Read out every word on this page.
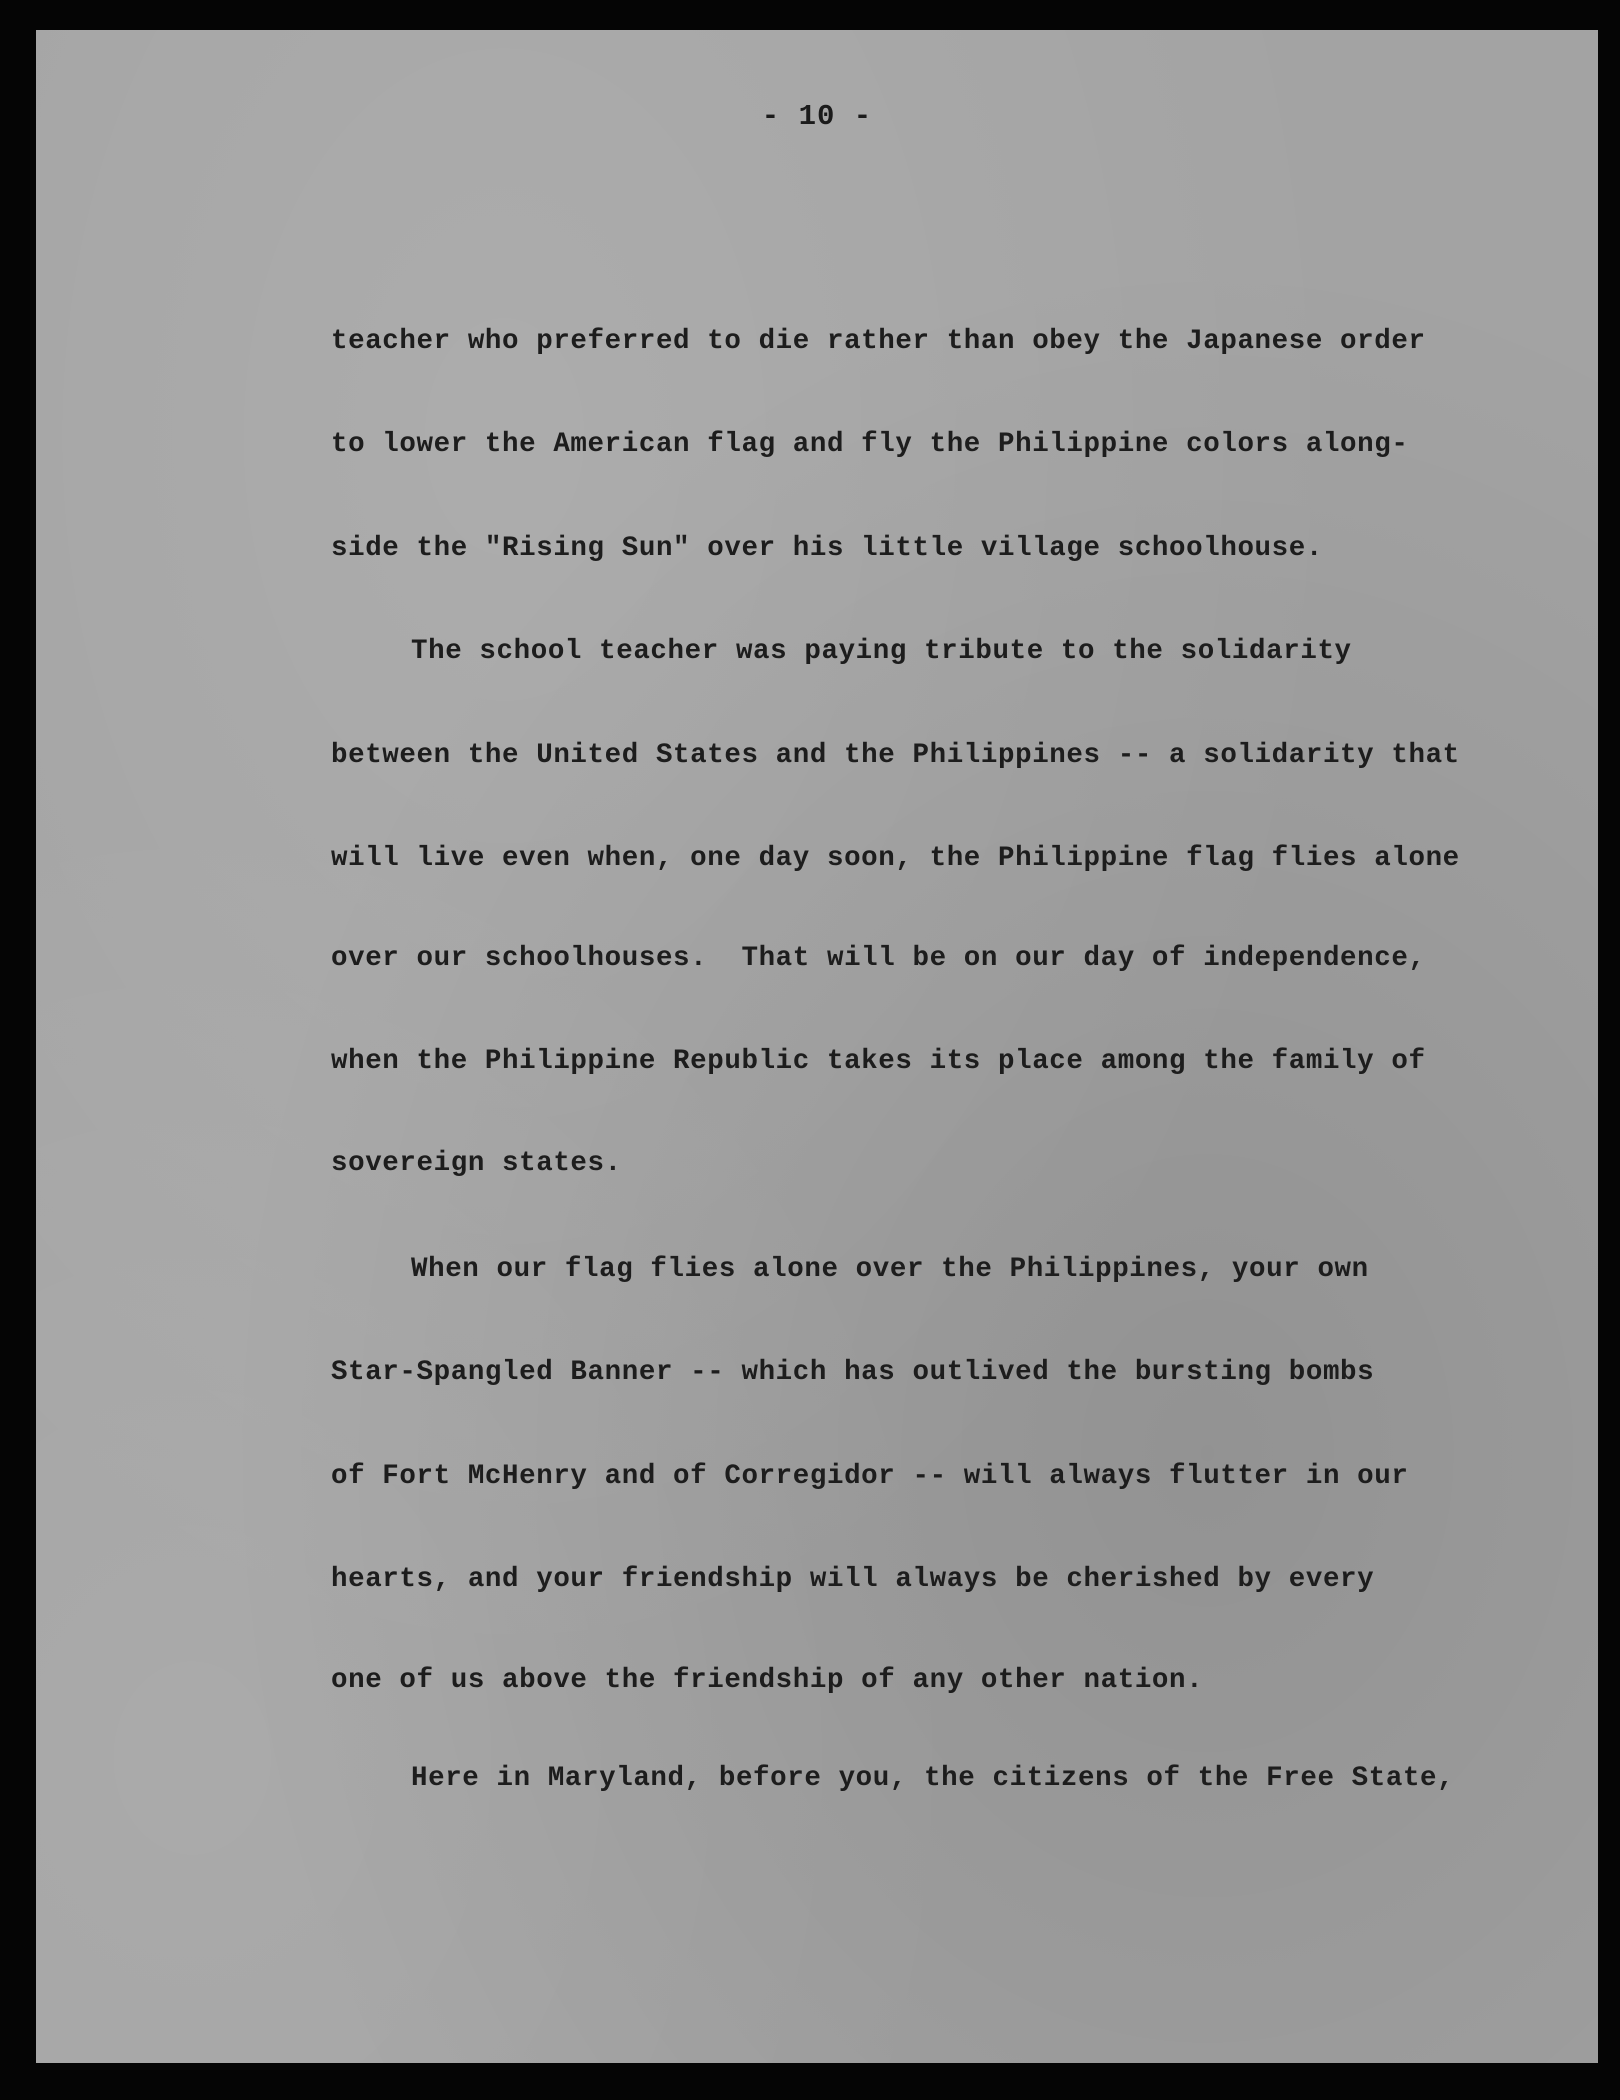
- 10 -
teacher who preferred to die rather than obey the Japanese order
to lower the American flag and fly the Philippine colors along-
side the "Rising Sun" over his little village schoolhouse.
The school teacher was paying tribute to the solidarity
between the United States and the Philippines -- a solidarity that
will live even when, one day soon, the Philippine flag flies alone
over our schoolhouses.  That will be on our day of independence,
when the Philippine Republic takes its place among the family of
sovereign states.
When our flag flies alone over the Philippines, your own
Star-Spangled Banner -- which has outlived the bursting bombs
of Fort McHenry and of Corregidor -- will always flutter in our
hearts, and your friendship will always be cherished by every
one of us above the friendship of any other nation.
Here in Maryland, before you, the citizens of the Free State,
